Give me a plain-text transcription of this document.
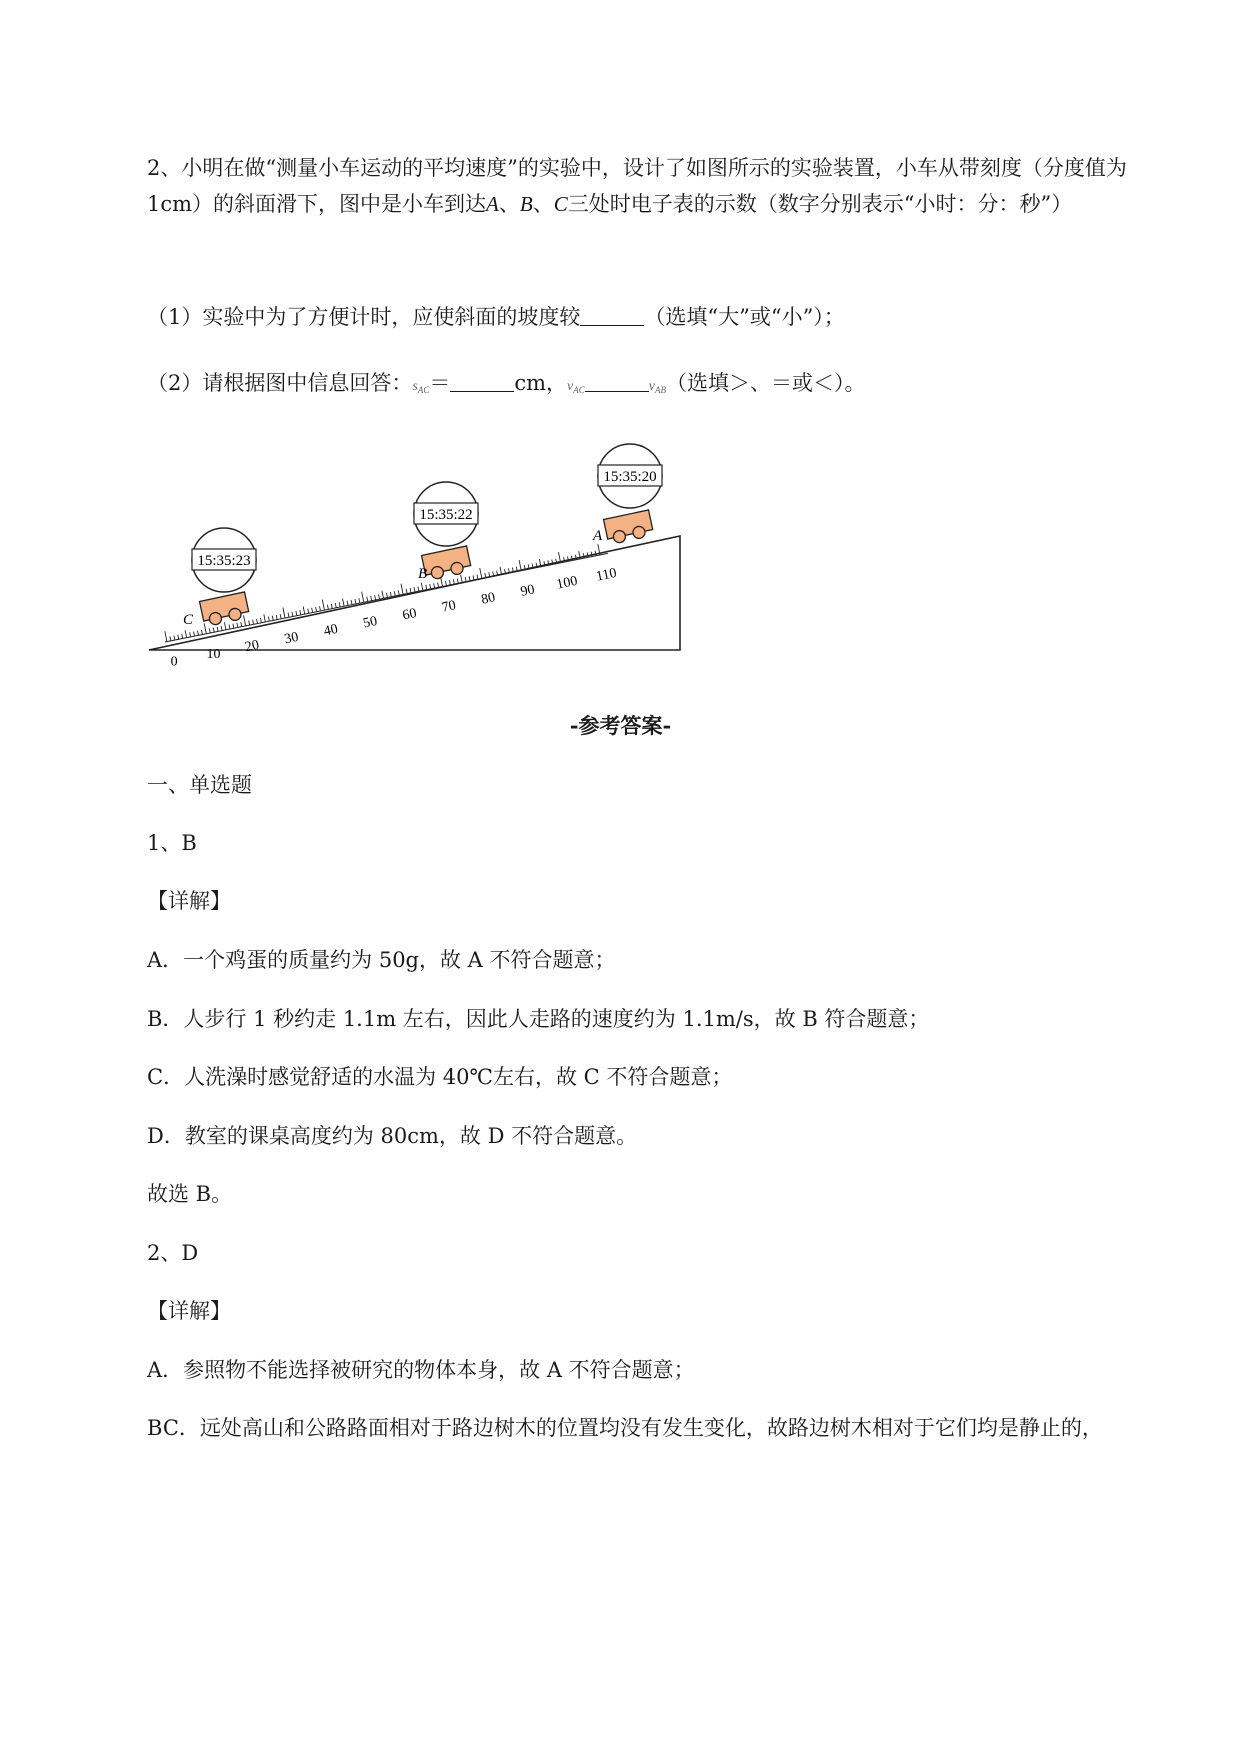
2、小明在做“测量小车运动的平均速度”的实验中，设计了如图所示的实验装置，小车从带刻度（分度值为1cm）的斜面滑下，图中是小车到达A、B、C三处时电子表的示数（数字分别表示“小时：分：秒”）

（1）实验中为了方便计时，应使斜面的坡度较	（选填“大”或“小”）；

（2）请根据图中信息回答：$s_{AC}=$	cm，$v_{AC}$	$v_{AB}$（选填＞、＝或＜）。

0
10 20 30 40 50 60 70 80 90 100 110
15:35:23
15:35:22
15:35:20
C
B
A

-参考答案-

一、单选题

1、B

【详解】

A．一个鸡蛋的质量约为 50g，故 A 不符合题意；

B．人步行 1 秒约走 1.1m 左右，因此人走路的速度约为 1.1m/s，故 B 符合题意；

C．人洗澡时感觉舒适的水温为 40℃左右，故 C 不符合题意；

D．教室的课桌高度约为 80cm，故 D 不符合题意。

故选 B。

2、D

【详解】

A．参照物不能选择被研究的物体本身，故 A 不符合题意；

BC．远处高山和公路路面相对于路边树木的位置均没有发生变化，故路边树木相对于它们均是静止的，
